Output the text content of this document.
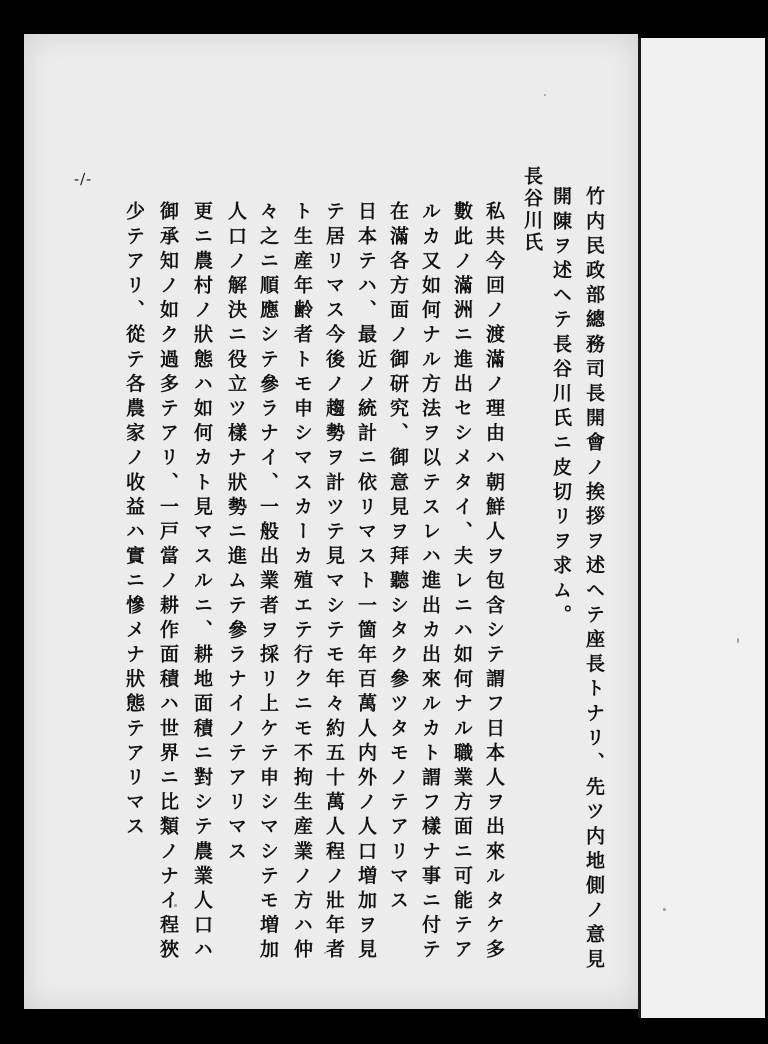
-/-
竹内民政部總務司長開會ノ挨拶ヲ述ヘテ座長トナリ、先ツ内地側ノ意見
開陳ヲ述ヘテ長谷川氏ニ皮切リヲ求ム。
長谷川氏
私共今回ノ渡滿ノ理由ハ朝鮮人ヲ包含シテ謂フ日本人ヲ出來ルタケ多
數此ノ滿洲ニ進出セシメタイ、夫レニハ如何ナル職業方面ニ可能テア
ルカ又如何ナル方法ヲ以テスレハ進出カ出來ルカト謂フ樣ナ事ニ付テ
在滿各方面ノ御研究、御意見ヲ拜聽シタク參ツタモノテアリマス
日本テハ、最近ノ統計ニ依リマスト一箇年百萬人内外ノ人口増加ヲ見
テ居リマス今後ノ趨勢ヲ計ツテ見マシテモ年々約五十萬人程ノ壯年者
ト生産年齢者トモ申シマスカーカ殖エテ行クニモ不拘生産業ノ方ハ仲
々之ニ順應シテ參ラナイ、一般出業者ヲ採リ上ケテ申シマシテモ増加
人口ノ解決ニ役立ツ樣ナ狀勢ニ進ムテ參ラナイノテアリマス
更ニ農村ノ狀態ハ如何カト見マスルニ、耕地面積ニ對シテ農業人口ハ
御承知ノ如ク過多テアリ、一戸當ノ耕作面積ハ世界ニ比類ノナイ程狹
少テアリ、從テ各農家ノ收益ハ實ニ慘メナ狀態テアリマス
